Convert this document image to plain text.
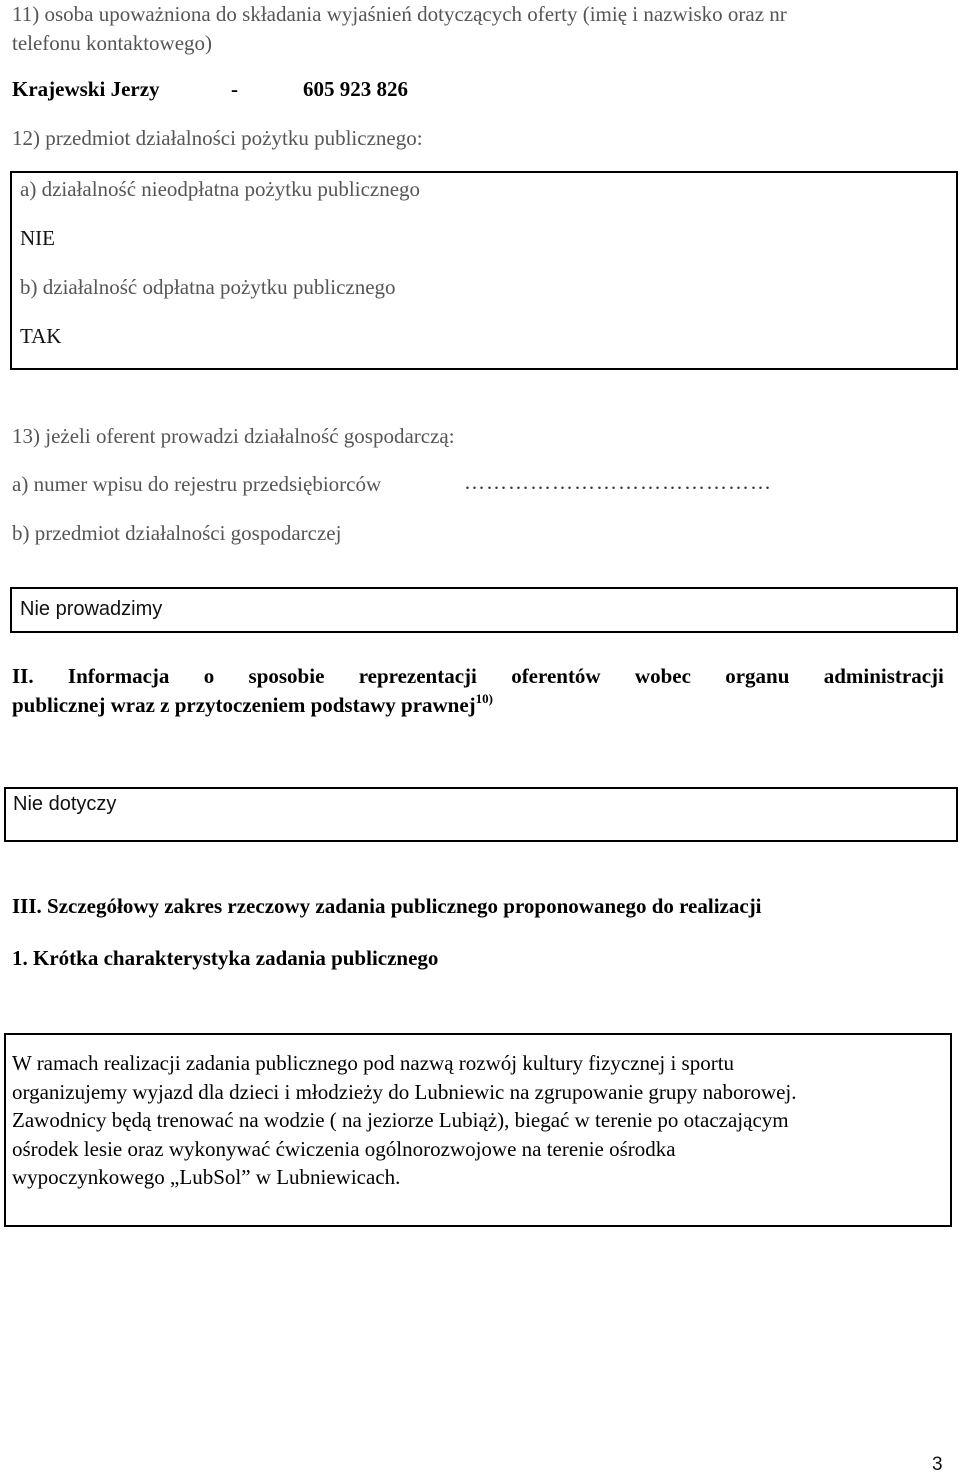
11) osoba upoważniona do składania wyjaśnień dotyczących oferty (imię i nazwisko oraz nr
telefonu kontaktowego)
Krajewski Jerzy	-	605 923 826
12) przedmiot działalności pożytku publicznego:
a) działalność nieodpłatna pożytku publicznego
NIE
b) działalność odpłatna pożytku publicznego
TAK
13) jeżeli oferent prowadzi działalność gospodarczą:
a) numer wpisu do rejestru przedsiębiorców	……………………………………
b) przedmiot działalności gospodarczej
Nie prowadzimy
II. Informacja o sposobie reprezentacji oferentów wobec organu administracji
publicznej wraz z przytoczeniem podstawy prawnej$^{10)}$
Nie dotyczy
III. Szczegółowy zakres rzeczowy zadania publicznego proponowanego do realizacji
1. Krótka charakterystyka zadania publicznego
W ramach realizacji zadania publicznego pod nazwą rozwój kultury fizycznej i sportu
organizujemy wyjazd dla dzieci i młodzieży do Lubniewic na zgrupowanie grupy naborowej.
Zawodnicy będą trenować na wodzie ( na jeziorze Lubiąż), biegać w terenie po otaczającym
ośrodek lesie oraz wykonywać ćwiczenia ogólnorozwojowe na terenie ośrodka
wypoczynkowego „LubSol” w Lubniewicach.
3
